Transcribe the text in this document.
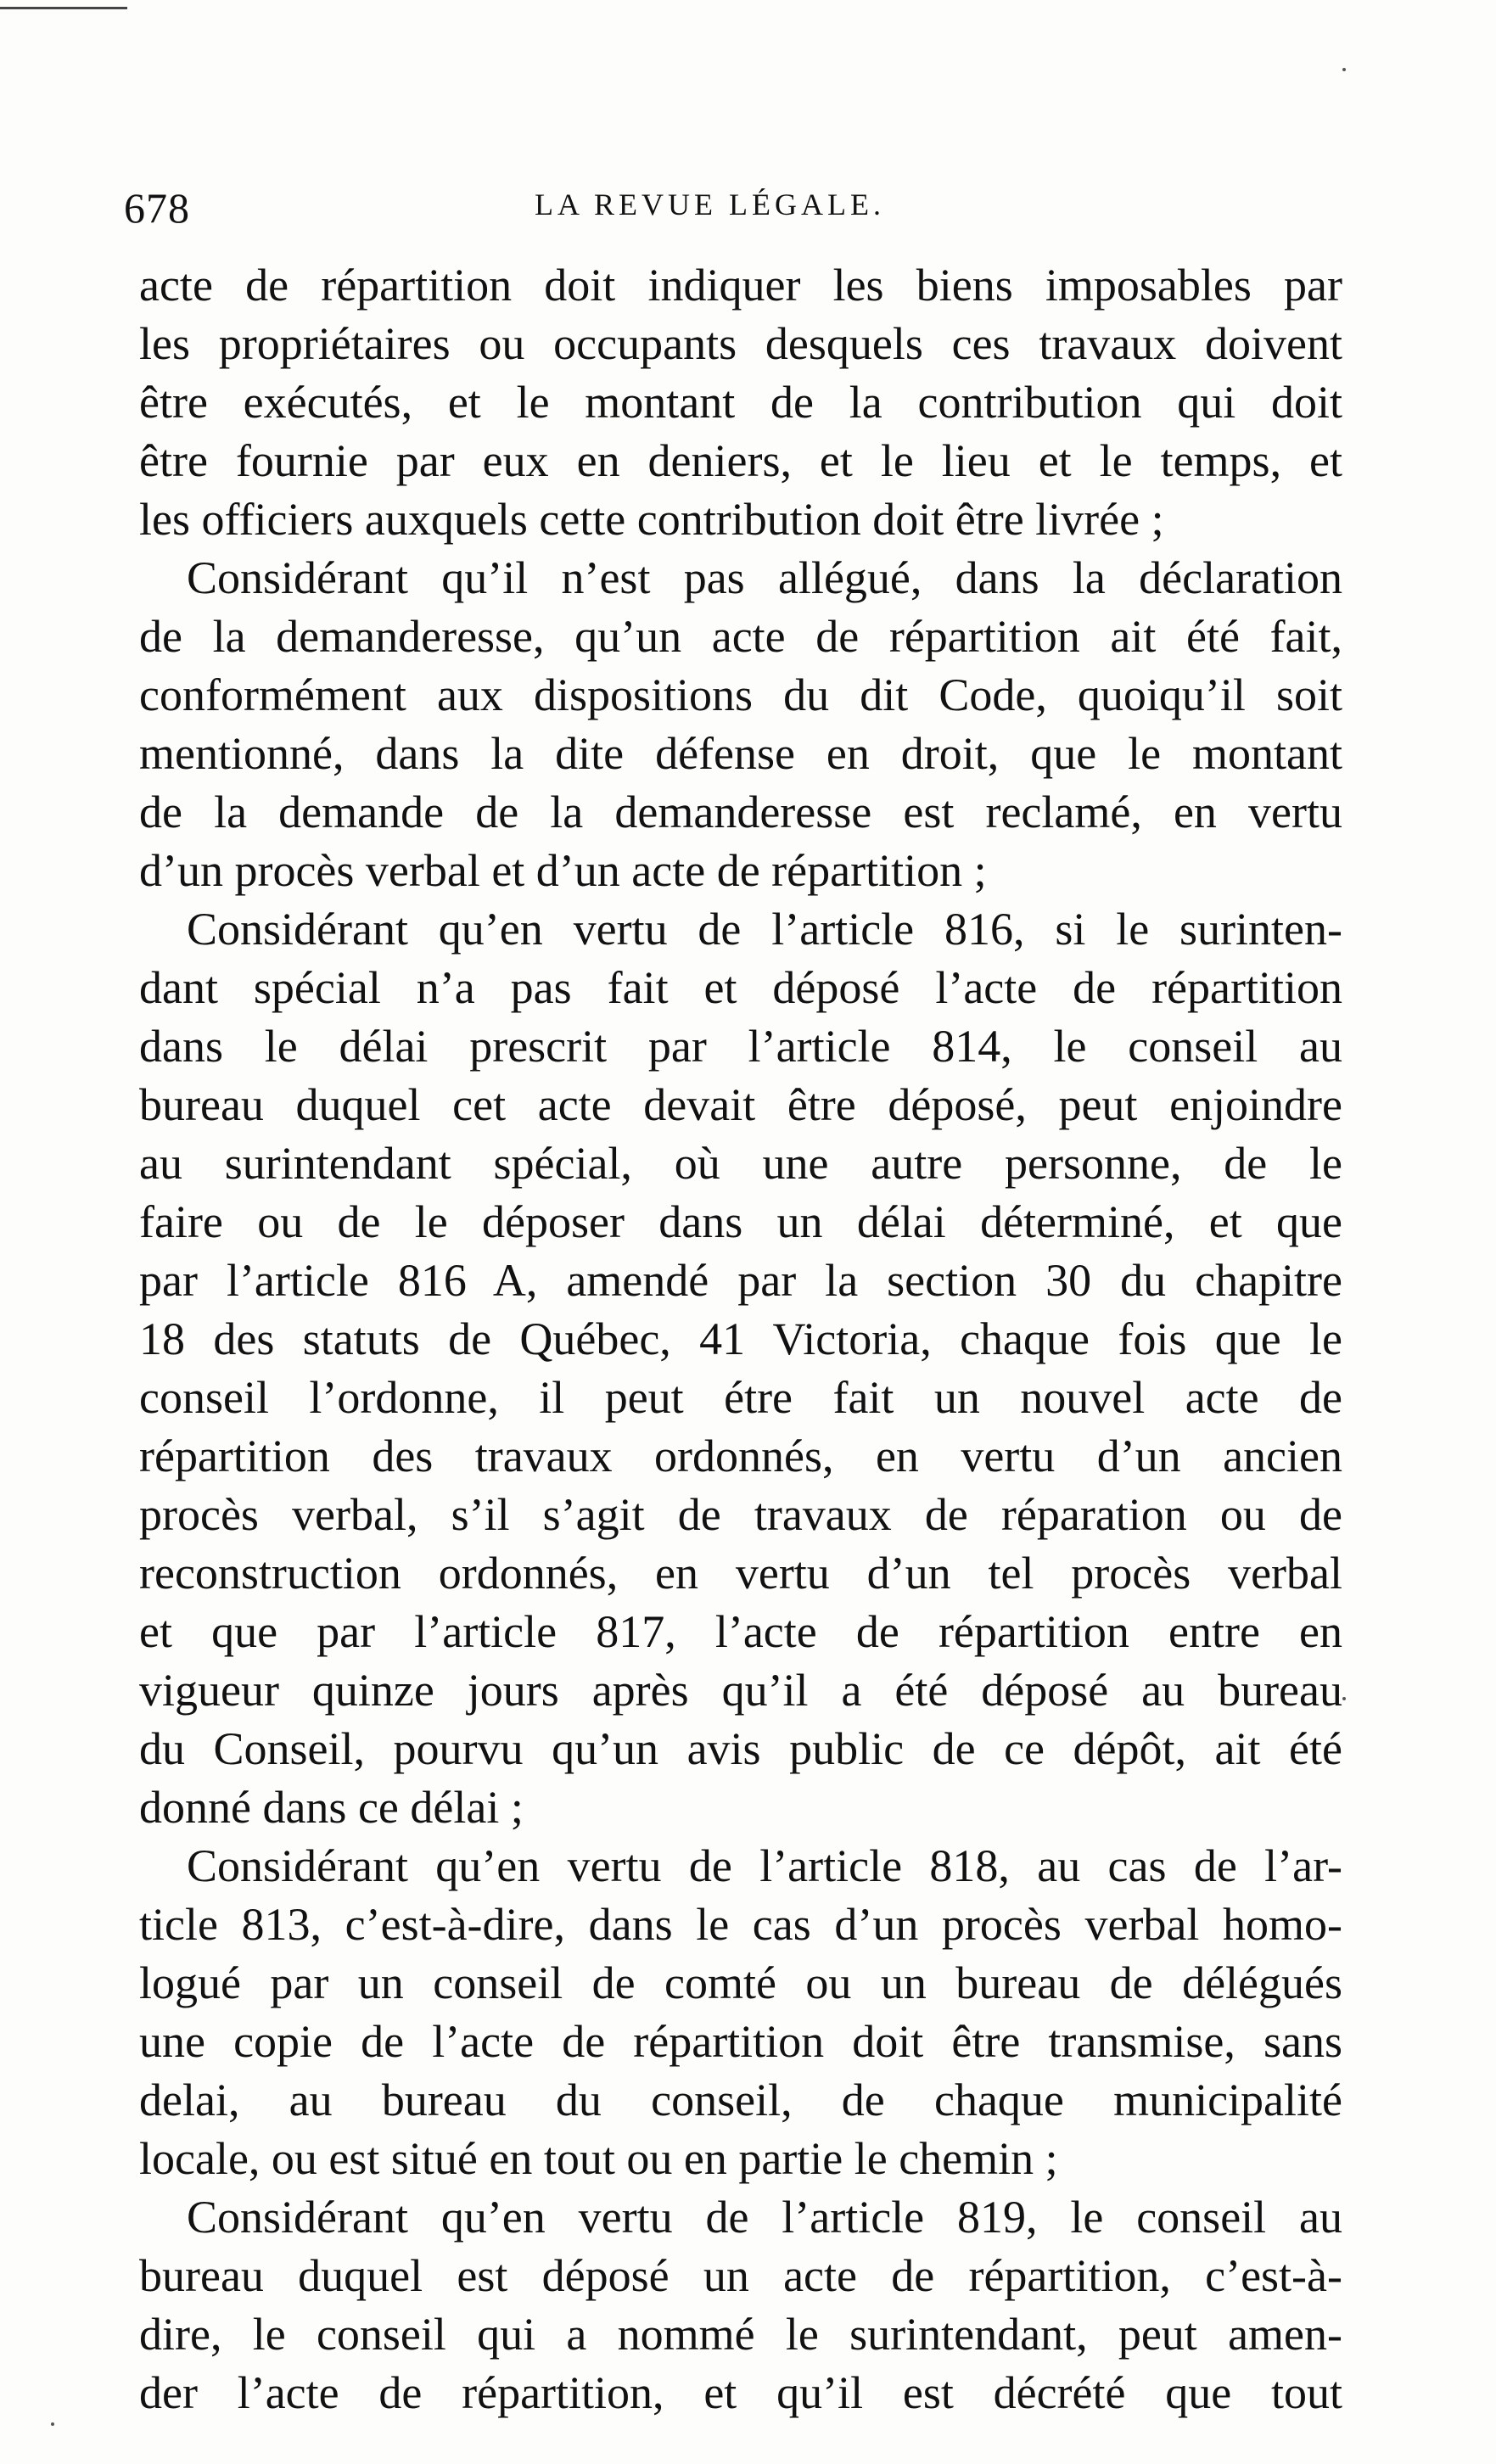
678	LA REVUE LÉGALE.
acte de répartition doit indiquer les biens imposables par
les propriétaires ou occupants desquels ces travaux doivent
être exécutés, et le montant de la contribution qui doit
être fournie par eux en deniers, et le lieu et le temps, et
les officiers auxquels cette contribution doit être livrée ;
Considérant qu’il n’est pas allégué, dans la déclaration
de la demanderesse, qu’un acte de répartition ait été fait,
conformément aux dispositions du dit Code, quoiqu’il soit
mentionné, dans la dite défense en droit, que le montant
de la demande de la demanderesse est reclamé, en vertu
d’un procès verbal et d’un acte de répartition ;
Considérant qu’en vertu de l’article 816, si le surinten-
dant spécial n’a pas fait et déposé l’acte de répartition
dans le délai prescrit par l’article 814, le conseil au
bureau duquel cet acte devait être déposé, peut enjoindre
au surintendant spécial, où une autre personne, de le
faire ou de le déposer dans un délai déterminé, et que
par l’article 816 A, amendé par la section 30 du chapitre
18 des statuts de Québec, 41 Victoria, chaque fois que le
conseil l’ordonne, il peut étre fait un nouvel acte de
répartition des travaux ordonnés, en vertu d’un ancien
procès verbal, s’il s’agit de travaux de réparation ou de
reconstruction ordonnés, en vertu d’un tel procès verbal
et que par l’article 817, l’acte de répartition entre en
vigueur quinze jours après qu’il a été déposé au bureau
du Conseil, pourvu qu’un avis public de ce dépôt, ait été
donné dans ce délai ;
Considérant qu’en vertu de l’article 818, au cas de l’ar-
ticle 813, c’est-à-dire, dans le cas d’un procès verbal homo-
logué par un conseil de comté ou un bureau de délégués
une copie de l’acte de répartition doit être transmise, sans
delai, au bureau du conseil, de chaque municipalité
locale, ou est situé en tout ou en partie le chemin ;
Considérant qu’en vertu de l’article 819, le conseil au
bureau duquel est déposé un acte de répartition, c’est-à-
dire, le conseil qui a nommé le surintendant, peut amen-
der l’acte de répartition, et qu’il est décrété que tout
